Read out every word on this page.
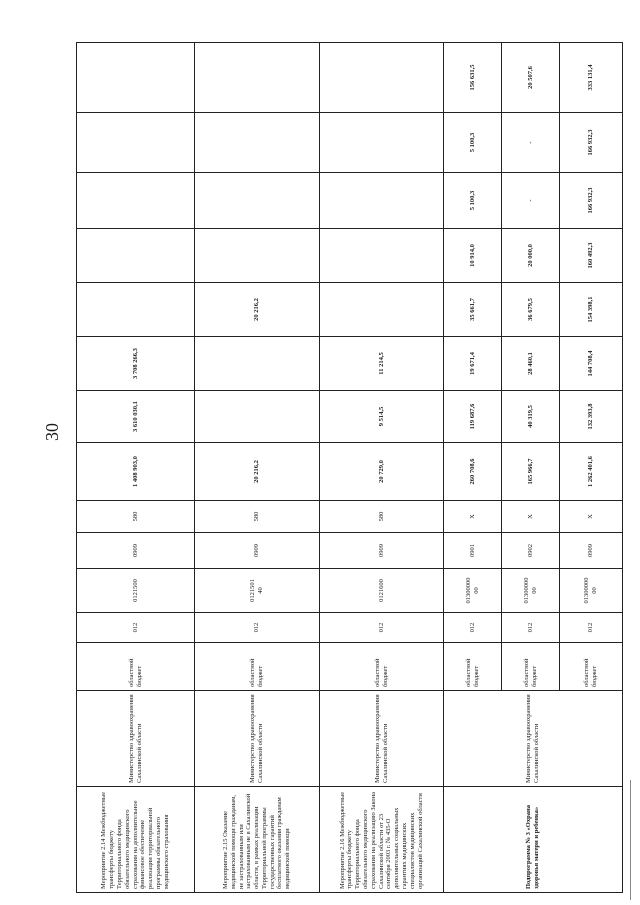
30
Мероприятие 2.14 Межбюджетные трансферты бюджету Территориального фонда обязательного медицинского страхования на дополнительное финансовое обеспечение реализации территориальной программы обязательного медицинского страхования	Министерство здравоохранения Сахалинской области	областной бюджет	012	0121500	0909	580	1 408 903,0	3 610 030,1	3 708 266,3					
Мероприятие 2.15 Оказание медицинской помощи гражданам, не застрахованным или застрахованным не в Сахалинской области, в рамках реализации Территориальной программы государственных гарантий бесплатного оказания гражданам медицинской помощи	Министерство здравоохранения Сахалинской области	областной бюджет	012	0121501
40	0909	580	20 216,2			20 216,2				
Мероприятие 2.16 Межбюджетные трансферты бюджету Территориального фонда обязательного медицинского страхования на реализацию Закона Сахалинской области от 23 сентября 2003 г. № 435-О дополнительных социальных гарантиях медицинских специалистов медицинских организаций Сахалинской области	Министерство здравоохранения Сахалинской области	областной бюджет	012	0121600	0909	580	20 729,0	9 514,5	11 214,5					
Подпрограмма № 3 «Охрана здоровья матери и ребенка»	Министерство здравоохранения Сахалинской области	областной бюджет	012	01300000
00	0901	Х	260 708,6	119 687,6	19 671,4	35 661,7	10 914,0	5 100,3	5 100,3	156 631,5
		областной бюджет	012	01300000
00	0902	Х	165 966,7	40 319,5	28 460,1	36 679,5	20 000,0	-	-	20 507,6
		областной бюджет	012	01300000
00	0909	Х	1 262 401,6	132 393,8	144 708,4	154 398,1	160 492,3	166 932,3	166 932,3	333 131,4
